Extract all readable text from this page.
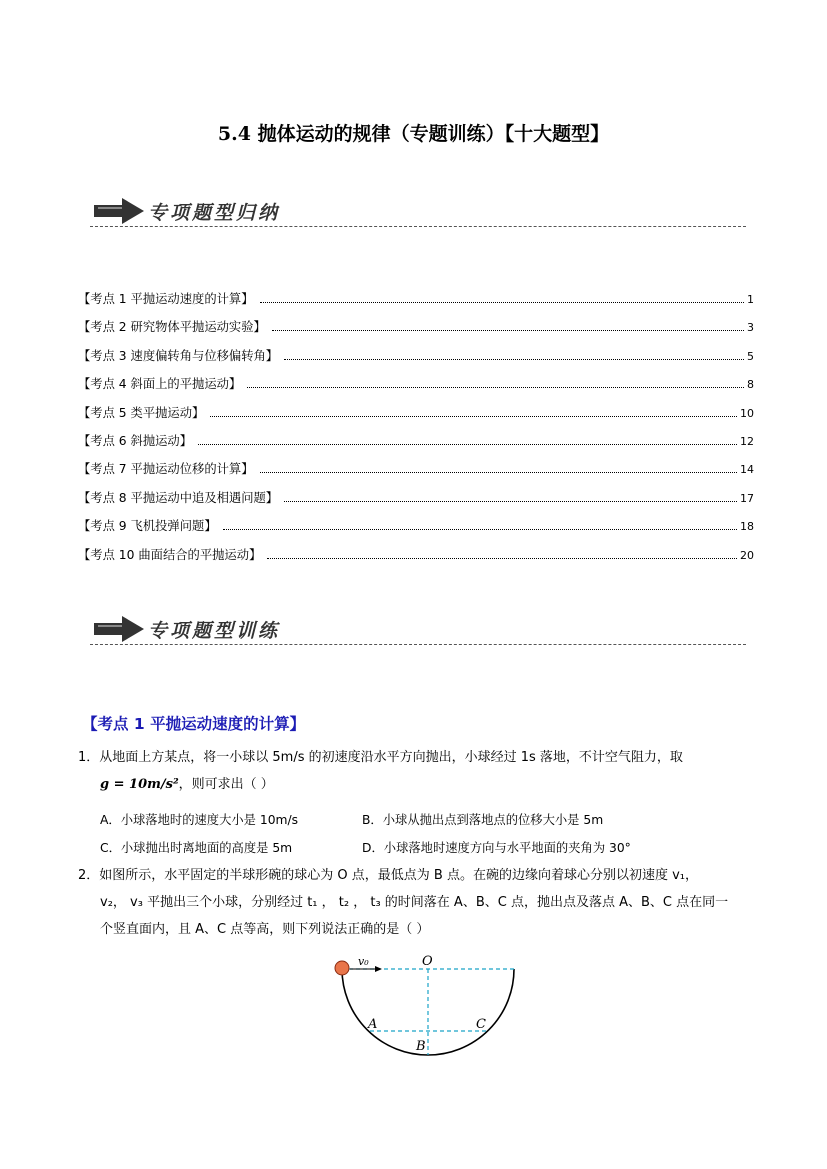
5.4 抛体运动的规律（专题训练）【十大题型】
专项题型归纳
【考点 1 平抛运动速度的计算】	1
【考点 2 研究物体平抛运动实验】	3
【考点 3 速度偏转角与位移偏转角】	5
【考点 4 斜面上的平抛运动】	8
【考点 5 类平抛运动】	10
【考点 6 斜抛运动】	12
【考点 7 平抛运动位移的计算】	14
【考点 8 平抛运动中追及相遇问题】	17
【考点 9 飞机投弹问题】	18
【考点 10 曲面结合的平抛运动】	20
专项题型训练
【考点 1 平抛运动速度的计算】
1．从地面上方某点，将一小球以 5m/s 的初速度沿水平方向抛出，小球经过 1s 落地，不计空气阻力，取
g = 10m/s²，则可求出（ ）
A．小球落地时的速度大小是 10m/s	B．小球从抛出点到落地点的位移大小是 5m
C．小球抛出时离地面的高度是 5m	D．小球落地时速度方向与水平地面的夹角为 30°
2．如图所示，水平固定的半球形碗的球心为 O 点，最低点为 B 点。在碗的边缘向着球心分别以初速度 v₁，
v₂， v₃ 平抛出三个小球，分别经过 t₁ ， t₂ ， t₃ 的时间落在 A、B、C 点，抛出点及落点 A、B、C 点在同一
个竖直面内，且 A、C 点等高，则下列说法正确的是（ ）
v₀	O
A	C
B
